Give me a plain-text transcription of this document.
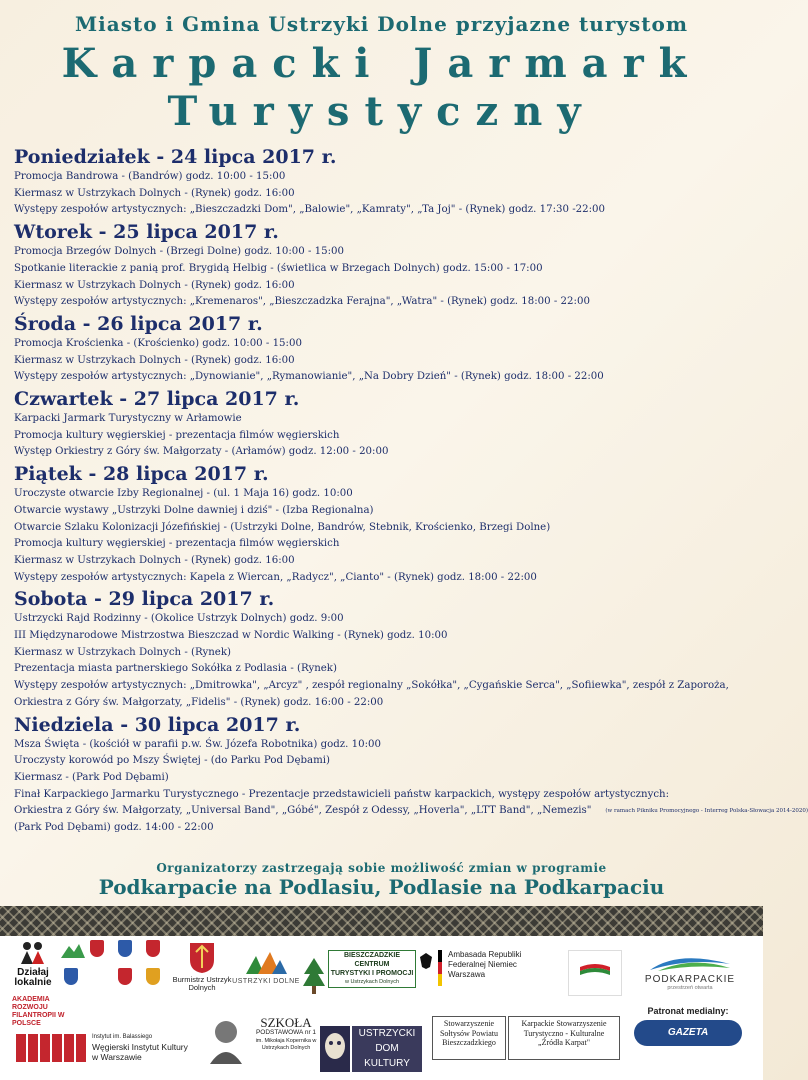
Miasto i Gmina Ustrzyki Dolne przyjazne turystom
Karpacki Jarmark
Turystyczny
Poniedziałek - 24 lipca 2017 r.
Promocja Bandrowa - (Bandrów) godz. 10:00 - 15:00
Kiermasz w Ustrzykach Dolnych - (Rynek) godz. 16:00
Występy zespołów artystycznych: „Bieszczadzki Dom", „Balowie", „Kamraty", „Ta Joj" - (Rynek) godz. 17:30 -22:00
Wtorek - 25 lipca 2017 r.
Promocja Brzegów Dolnych - (Brzegi Dolne) godz. 10:00 - 15:00
Spotkanie literackie z panią prof. Brygidą Helbig - (świetlica w Brzegach Dolnych) godz. 15:00 - 17:00
Kiermasz w Ustrzykach Dolnych - (Rynek) godz. 16:00
Występy zespołów artystycznych: „Kremenaros", „Bieszczadzka Ferajna", „Watra" - (Rynek) godz. 18:00 - 22:00
Środa - 26 lipca 2017 r.
Promocja Krościenka - (Krościenko) godz. 10:00 - 15:00
Kiermasz w Ustrzykach Dolnych - (Rynek) godz. 16:00
Występy zespołów artystycznych: „Dynowianie", „Rymanowianie", „Na Dobry Dzień" - (Rynek) godz. 18:00 - 22:00
Czwartek - 27 lipca 2017 r.
Karpacki Jarmark Turystyczny w Arłamowie
Promocja kultury węgierskiej - prezentacja filmów węgierskich
Występ Orkiestry z Góry św. Małgorzaty - (Arłamów) godz. 12:00 - 20:00
Piątek - 28 lipca 2017 r.
Uroczyste otwarcie Izby Regionalnej - (ul. 1 Maja 16) godz. 10:00
Otwarcie wystawy „Ustrzyki Dolne dawniej i dziś" - (Izba Regionalna)
Otwarcie Szlaku Kolonizacji Józefińskiej - (Ustrzyki Dolne, Bandrów, Stebnik, Krościenko, Brzegi Dolne)
Promocja kultury węgierskiej - prezentacja filmów węgierskich
Kiermasz w Ustrzykach Dolnych - (Rynek) godz. 16:00
Występy zespołów artystycznych: Kapela z Wiercan, „Radycz", „Cianto" - (Rynek) godz. 18:00 - 22:00
Sobota - 29 lipca 2017 r.
Ustrzycki Rajd Rodzinny - (Okolice Ustrzyk Dolnych) godz. 9:00
III Międzynarodowe Mistrzostwa Bieszczad w Nordic Walking - (Rynek) godz. 10:00
Kiermasz w Ustrzykach Dolnych - (Rynek)
Prezentacja miasta partnerskiego Sokółka z Podlasia - (Rynek)
Występy zespołów artystycznych: „Dmitrowka", „Arcyz" , zespół regionalny „Sokółka", „Cygańskie Serca", „Sofiiewka", zespół z Zaporoża,
Orkiestra z Góry św. Małgorzaty, „Fidelis" - (Rynek) godz. 16:00 - 22:00
Niedziela - 30 lipca 2017 r.
Msza Święta - (kościół w parafii p.w. Św. Józefa Robotnika) godz. 10:00
Uroczysty korowód po Mszy Świętej - (do Parku Pod Dębami)
Kiermasz - (Park Pod Dębami)
Finał Karpackiego Jarmarku Turystycznego - Prezentacje przedstawicieli państw karpackich, występy zespołów artystycznych:
Orkiestra z Góry św. Małgorzaty, „Universal Band", „Góbé", Zespół z Odessy, „Hoverla", „LTT Band", „Nemezis"	$^{(w ramach Pikniku Promocyjnego - Interreg Polska-Słowacja 2014-2020)}$
(Park Pod Dębami) godz. 14:00 - 22:00
Organizatorzy zastrzegają sobie możliwość zmian w programie
Podkarpacie na Podlasiu, Podlasie na Podkarpaciu
Działaj lokalnie
AKADEMIA ROZWOJU FILANTROPII W POLSCE
Burmistrz Ustrzyk Dolnych
USTRZYKI DOLNE
BIESZCZADZKIE
CENTRUM
TURYSTYKI I PROMOCJI
w Ustrzykach Dolnych
Ambasada Republiki Federalnej Niemiec Warszawa	PODKARPACKIE
przestrzeń otwarta
Instytut im. Balassiego
Węgierski Instytut Kultury
w Warszawie
SZKOŁA
PODSTAWOWA nr 1
im. Mikołaja Kopernika w Ustrzykach Dolnych
USTRZYCKI
DOM
KULTURY
Stowarzyszenie Sołtysów Powiatu Bieszczadzkiego
Karpackie Stowarzyszenie Turystyczno - Kulturalne „Źródła Karpat"
Patronat medialny:
GAZETA BIESZCZADZKA
